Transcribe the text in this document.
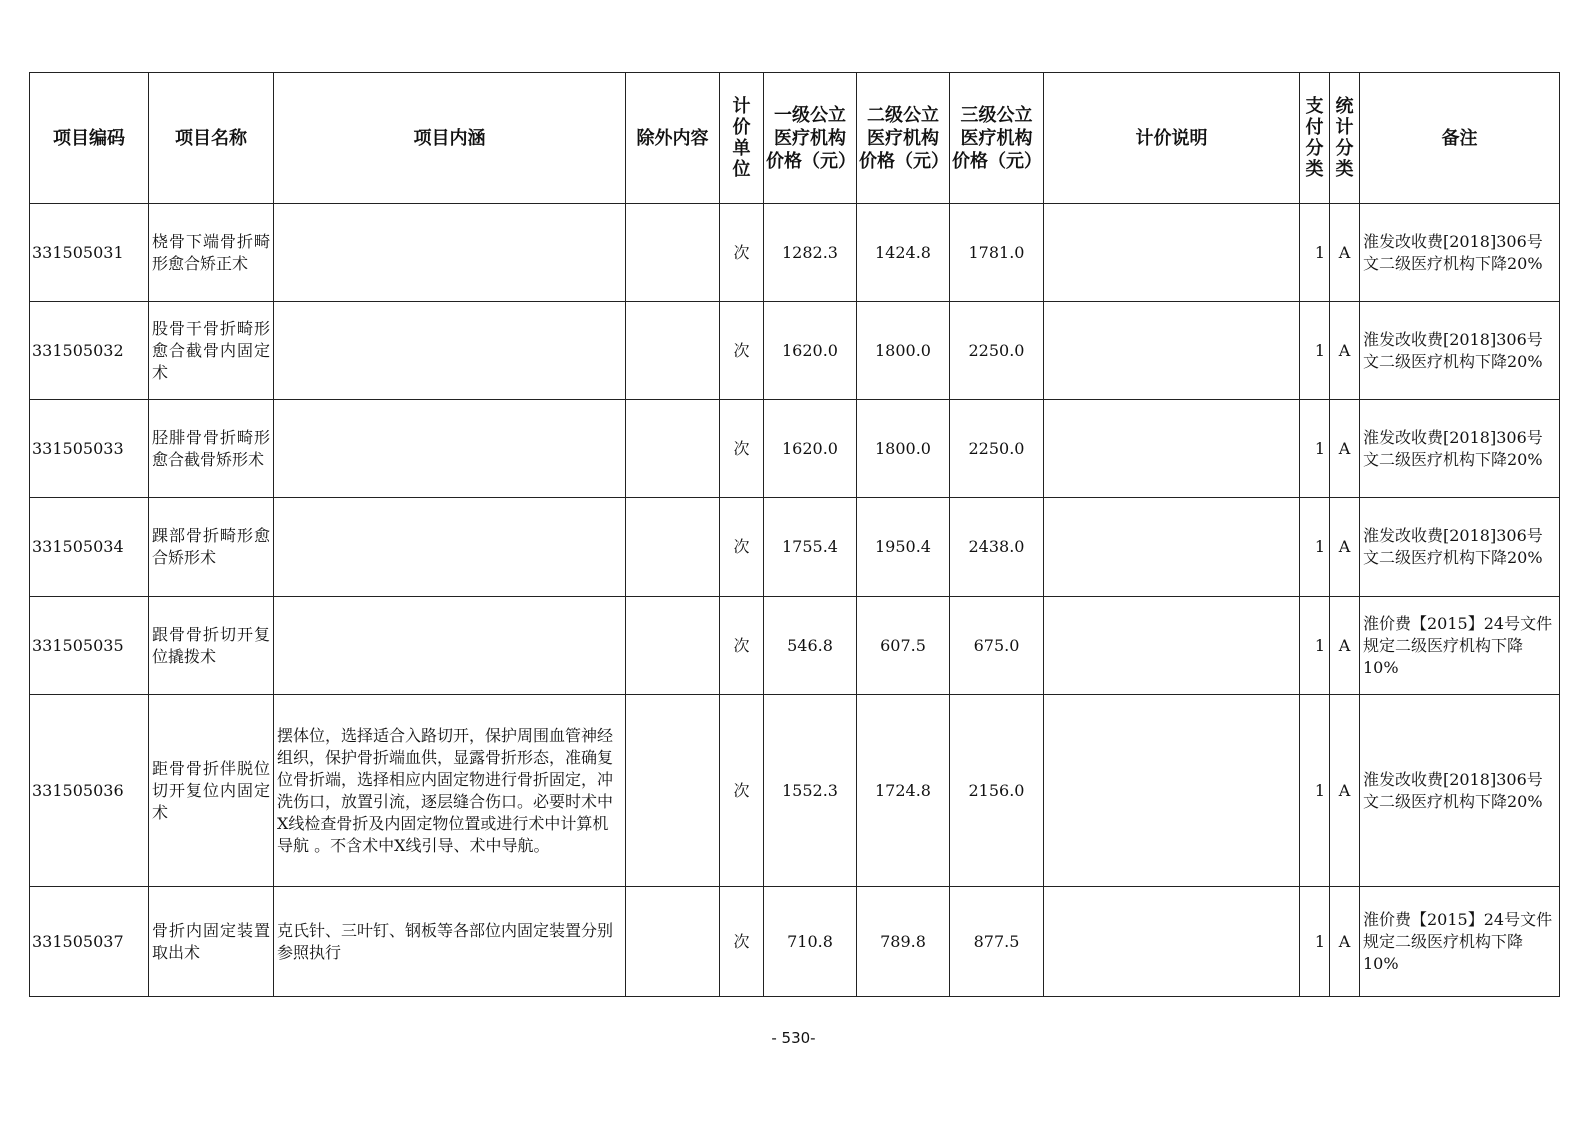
项目编码	项目名称	项目内涵	除外内容	计价单位	一级公立医疗机构价格（元）	二级公立医疗机构价格（元）	三级公立医疗机构价格（元）	计价说明	支付分类	统计分类	备注
331505031	桡骨下端骨折畸形愈合矫正术			次	1282.3	1424.8	1781.0		1	A	淮发改收费[2018]306号文二级医疗机构下降20%
331505032	股骨干骨折畸形愈合截骨内固定术			次	1620.0	1800.0	2250.0		1	A	淮发改收费[2018]306号文二级医疗机构下降20%
331505033	胫腓骨骨折畸形愈合截骨矫形术			次	1620.0	1800.0	2250.0		1	A	淮发改收费[2018]306号文二级医疗机构下降20%
331505034	踝部骨折畸形愈合矫形术			次	1755.4	1950.4	2438.0		1	A	淮发改收费[2018]306号文二级医疗机构下降20%
331505035	跟骨骨折切开复位撬拨术			次	546.8	607.5	675.0		1	A	淮价费【2015】24号文件规定二级医疗机构下降10%
331505036	距骨骨折伴脱位切开复位内固定术	摆体位，选择适合入路切开，保护周围血管神经组织，保护骨折端血供，显露骨折形态，准确复位骨折端，选择相应内固定物进行骨折固定，冲洗伤口，放置引流，逐层缝合伤口。必要时术中X线检查骨折及内固定物位置或进行术中计算机导航 。不含术中X线引导、术中导航。		次	1552.3	1724.8	2156.0		1	A	淮发改收费[2018]306号文二级医疗机构下降20%
331505037	骨折内固定装置取出术	克氏针、三叶钉、钢板等各部位内固定装置分别参照执行		次	710.8	789.8	877.5		1	A	淮价费【2015】24号文件规定二级医疗机构下降10%
- 530-
